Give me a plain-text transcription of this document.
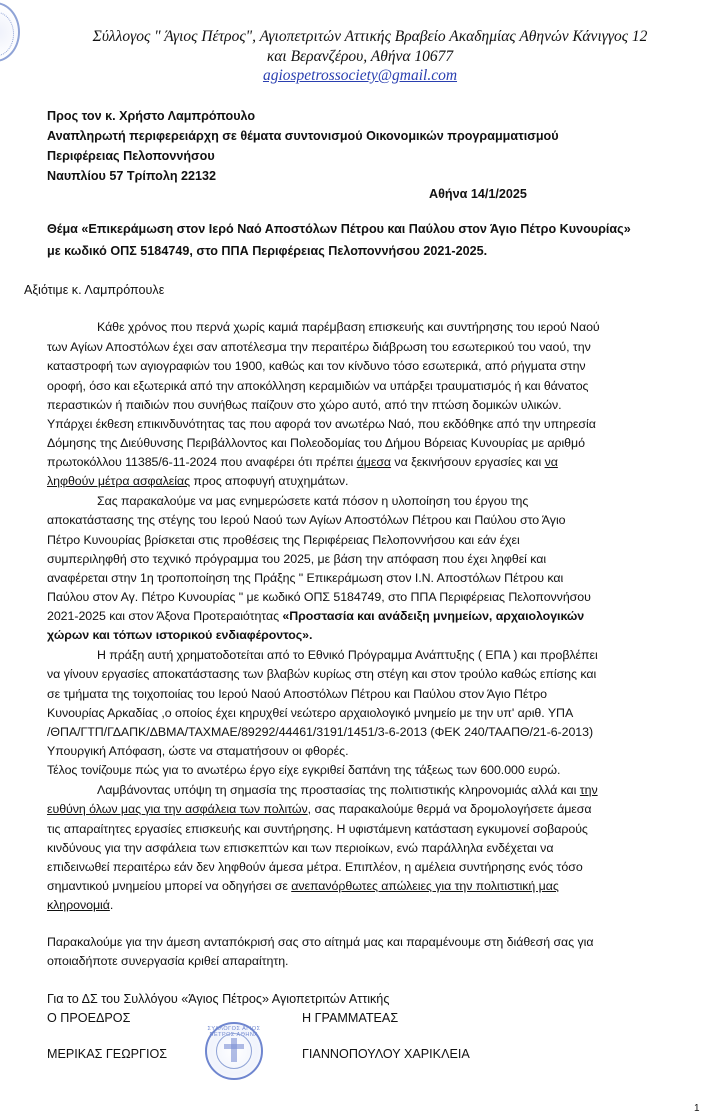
Σύλλογος " Άγιος Πέτρος", Αγιοπετριτών Αττικής Βραβείο Ακαδημίας Αθηνών Κάνιγγος 12
και Βερανζέρου, Αθήνα 10677
agiospetrossociety@gmail.com
Προς τον κ. Χρήστο Λαμπρόπουλο
Αναπληρωτή περιφερειάρχη σε θέματα συντονισμού Οικονομικών προγραμματισμού
Περιφέρειας Πελοποννήσου
Ναυπλίου 57 Τρίπολη 22132
Αθήνα 14/1/2025
Θέμα «Επικεράμωση στον Ιερό Ναό Αποστόλων Πέτρου και Παύλου στον Άγιο Πέτρο Κυνουρίας»
με κωδικό ΟΠΣ 5184749, στο ΠΠΑ Περιφέρειας Πελοποννήσου 2021-2025.
Αξιότιμε κ. Λαμπρόπουλε
Κάθε χρόνος που περνά χωρίς καμιά παρέμβαση επισκευής και συντήρησης του ιερού Ναού
των Αγίων Αποστόλων έχει σαν αποτέλεσμα την περαιτέρω διάβρωση του εσωτερικού του ναού, την
καταστροφή των αγιογραφιών του 1900, καθώς και τον κίνδυνο τόσο εσωτερικά, από ρήγματα στην
οροφή, όσο και εξωτερικά από την αποκόλληση κεραμιδιών να υπάρξει τραυματισμός ή και θάνατος
περαστικών ή παιδιών που συνήθως παίζουν στο χώρο αυτό, από την πτώση δομικών υλικών.
Υπάρχει έκθεση επικινδυνότητας τας που αφορά τον ανωτέρω Ναό, που εκδόθηκε από την υπηρεσία
Δόμησης της Διεύθυνσης Περιβάλλοντος και Πολεοδομίας του Δήμου Βόρειας Κυνουρίας με αριθμό
πρωτοκόλλου 11385/6-11-2024 που αναφέρει ότι πρέπει άμεσα να ξεκινήσουν εργασίες και να
ληφθούν μέτρα ασφαλείας προς αποφυγή ατυχημάτων.
Σας παρακαλούμε να μας ενημερώσετε κατά πόσον η υλοποίηση του έργου της
αποκατάστασης της στέγης του Ιερού Ναού των Αγίων Αποστόλων Πέτρου και Παύλου στο Άγιο
Πέτρο Κυνουρίας βρίσκεται στις προθέσεις της Περιφέρειας Πελοποννήσου και εάν έχει
συμπεριληφθή στο τεχνικό πρόγραμμα του 2025, με βάση την απόφαση που έχει ληφθεί και
αναφέρεται στην 1η τροποποίηση της Πράξης " Επικεράμωση στον Ι.Ν. Αποστόλων Πέτρου και
Παύλου στον Αγ. Πέτρο Κυνουρίας " με κωδικό ΟΠΣ 5184749, στο ΠΠΑ Περιφέρειας Πελοποννήσου
2021-2025 και στον Άξονα Προτεραιότητας «Προστασία και ανάδειξη μνημείων, αρχαιολογικών
χώρων και τόπων ιστορικού ενδιαφέροντος».
Η πράξη αυτή χρηματοδοτείται από το Εθνικό Πρόγραμμα Ανάπτυξης ( ΕΠΑ ) και προβλέπει
να γίνουν εργασίες αποκατάστασης των βλαβών κυρίως στη στέγη και στον τρούλο καθώς επίσης και
σε τμήματα της τοιχοποιίας του Ιερού Ναού Αποστόλων Πέτρου και Παύλου στον Άγιο Πέτρο
Κυνουρίας Αρκαδίας ,ο οποίος έχει κηρυχθεί νεώτερο αρχαιολογικό μνημείο με την υπ' αριθ. ΥΠΑ
/ΘΠΑ/ΓΤΠ/ΓΔΑΠΚ/ΔΒΜΑ/ΤΑΧΜΑΕ/89292/44461/3191/1451/3-6-2013 (ΦΕΚ 240/ΤΑΑΠΘ/21-6-2013)
Υπουργική Απόφαση, ώστε να σταματήσουν οι φθορές.
Τέλος τονίζουμε πώς για το ανωτέρω έργο είχε εγκριθεί δαπάνη της τάξεως των 600.000 ευρώ.
Λαμβάνοντας υπόψη τη σημασία της προστασίας της πολιτιστικής κληρονομιάς αλλά και την
ευθύνη όλων μας για την ασφάλεια των πολιτών, σας παρακαλούμε θερμά να δρομολογήσετε άμεσα
τις απαραίτητες εργασίες επισκευής και συντήρησης. Η υφιστάμενη κατάσταση εγκυμονεί σοβαρούς
κινδύνους για την ασφάλεια των επισκεπτών και των περιοίκων, ενώ παράλληλα ενδέχεται να
επιδεινωθεί περαιτέρω εάν δεν ληφθούν άμεσα μέτρα. Επιπλέον, η αμέλεια συντήρησης ενός τόσο
σημαντικού μνημείου μπορεί να οδηγήσει σε ανεπανόρθωτες απώλειες για την πολιτιστική μας
κληρονομιά.
Παρακαλούμε για την άμεση ανταπόκρισή σας στο αίτημά μας και παραμένουμε στη διάθεσή σας για
οποιαδήποτε συνεργασία κριθεί απαραίτητη.
Για το ΔΣ του Συλλόγου «Άγιος Πέτρος» Αγιοπετριτών Αττικής
Ο ΠΡΟΕΔΡΟΣ	Η ΓΡΑΜΜΑΤΕΑΣ
ΣΥΛΛΟΓΟΣ ΑΓΙΟΣ ΠΕΤΡΟΣ ΑΘΗΝΑ
ΜΕΡΙΚΑΣ ΓΕΩΡΓΙΟΣ	ΓΙΑΝΝΟΠΟΥΛΟΥ ΧΑΡΙΚΛΕΙΑ
1
